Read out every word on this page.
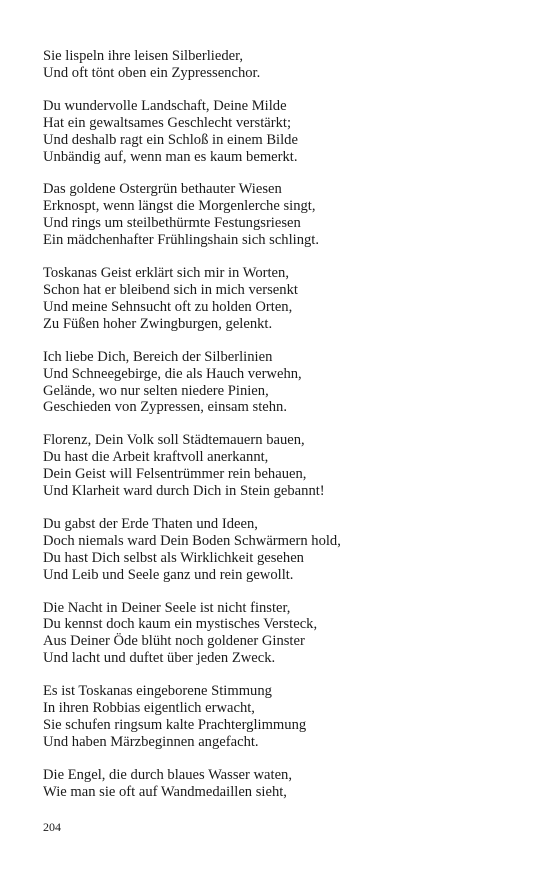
Sie lispeln ihre leisen Silberlieder,
Und oft tönt oben ein Zypressenchor.
Du wundervolle Landschaft, Deine Milde
Hat ein gewaltsames Geschlecht verstärkt;
Und deshalb ragt ein Schloß in einem Bilde
Unbändig auf, wenn man es kaum bemerkt.
Das goldene Ostergrün bethauter Wiesen
Erknospt, wenn längst die Morgenlerche singt,
Und rings um steilbethürmte Festungsriesen
Ein mädchenhafter Frühlingshain sich schlingt.
Toskanas Geist erklärt sich mir in Worten,
Schon hat er bleibend sich in mich versenkt
Und meine Sehnsucht oft zu holden Orten,
Zu Füßen hoher Zwingburgen, gelenkt.
Ich liebe Dich, Bereich der Silberlinien
Und Schneegebirge, die als Hauch verwehn,
Gelände, wo nur selten niedere Pinien,
Geschieden von Zypressen, einsam stehn.
Florenz, Dein Volk soll Städtemauern bauen,
Du hast die Arbeit kraftvoll anerkannt,
Dein Geist will Felsentrümmer rein behauen,
Und Klarheit ward durch Dich in Stein gebannt!
Du gabst der Erde Thaten und Ideen,
Doch niemals ward Dein Boden Schwärmern hold,
Du hast Dich selbst als Wirklichkeit gesehen
Und Leib und Seele ganz und rein gewollt.
Die Nacht in Deiner Seele ist nicht finster,
Du kennst doch kaum ein mystisches Versteck,
Aus Deiner Öde blüht noch goldener Ginster
Und lacht und duftet über jeden Zweck.
Es ist Toskanas eingeborene Stimmung
In ihren Robbias eigentlich erwacht,
Sie schufen ringsum kalte Prachterglimmung
Und haben Märzbeginnen angefacht.
Die Engel, die durch blaues Wasser waten,
Wie man sie oft auf Wandmedaillen sieht,
204
